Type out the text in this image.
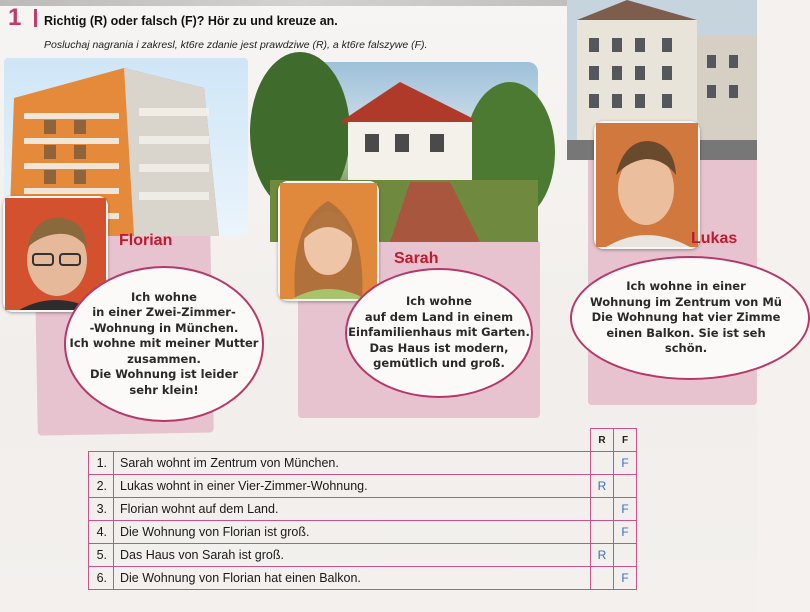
1 Richtig (R) oder falsch (F)? Hör zu und kreuze an.
Posluchaj nagrania i zakresl, kt6re zdanie jest prawdziwe (R), a kt6re falszywe (F).
Florian
Ich wohne
in einer Zwei-Zimmer-
-Wohnung in München.
Ich wohne mit meiner Mutter
zusammen.
Die Wohnung ist leider
sehr klein!
Sarah
Ich wohne
auf dem Land in einem
Einfamilienhaus mit Garten.
Das Haus ist modern,
gemütlich und groß.
Lukas
Ich wohne in einer
Wohnung im Zentrum von Mü
Die Wohnung hat vier Zimme
einen Balkon. Sie ist seh
schön.
		R	F
1.	Sarah wohnt im Zentrum von München.		F
2.	Lukas wohnt in einer Vier-Zimmer-Wohnung.	R	
3.	Florian wohnt auf dem Land.		F
4.	Die Wohnung von Florian ist groß.		F
5.	Das Haus von Sarah ist groß.	R	
6.	Die Wohnung von Florian hat einen Balkon.		F
